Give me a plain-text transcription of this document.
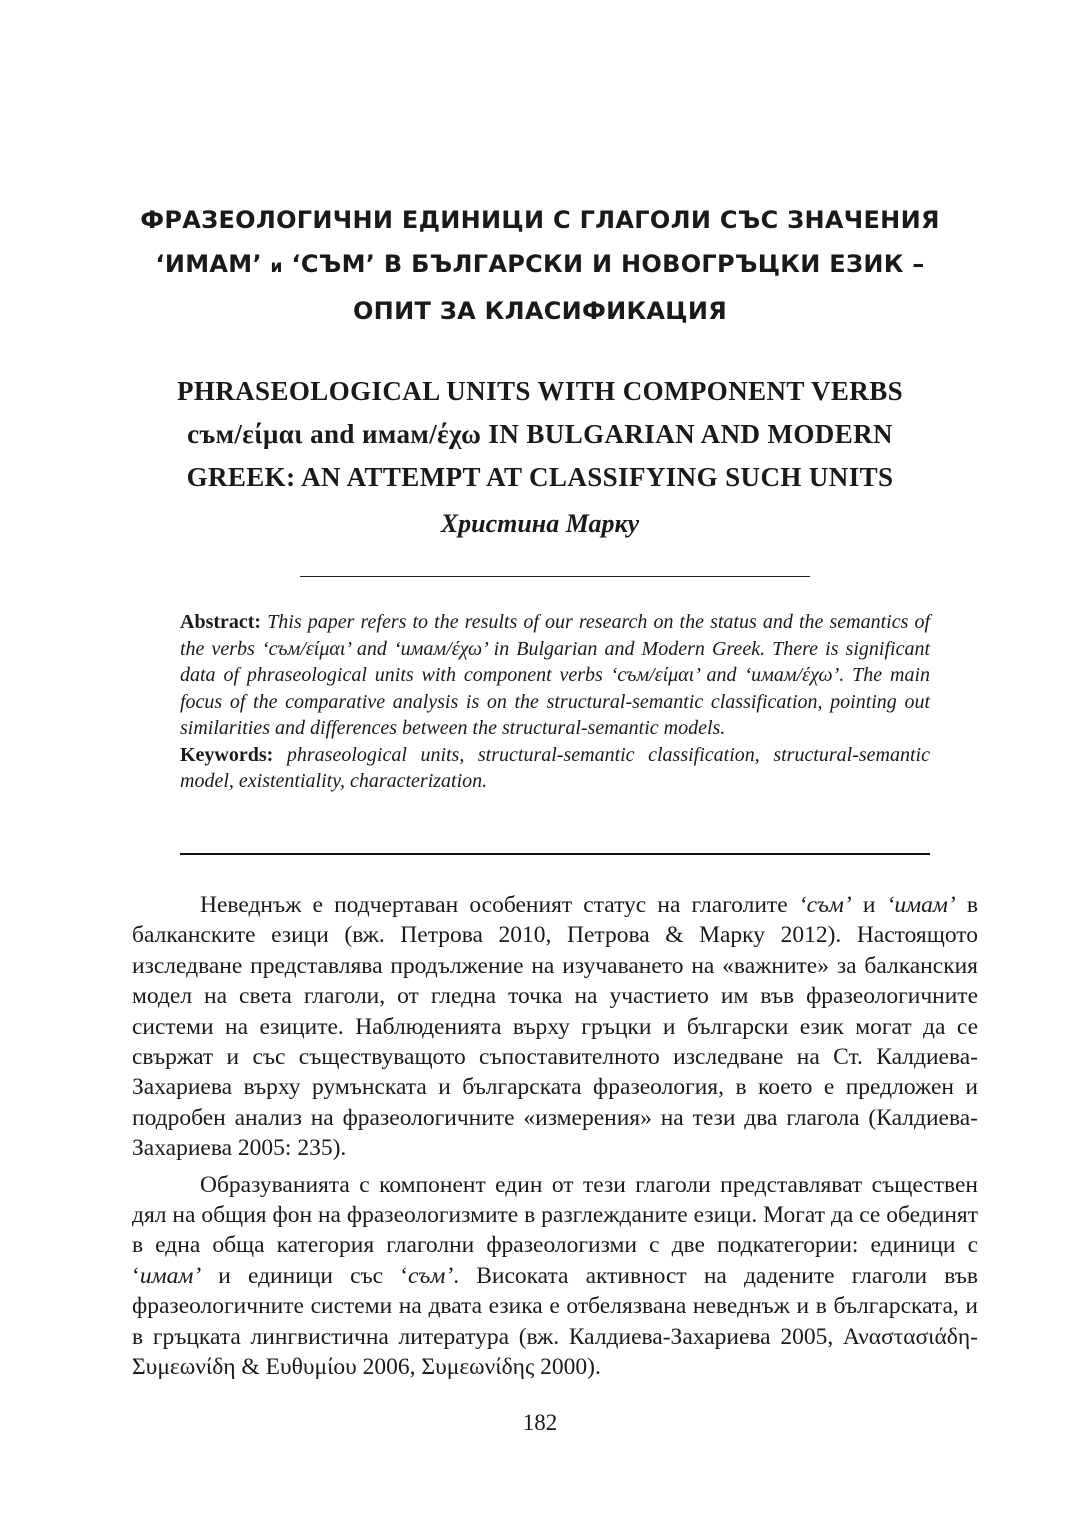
ФРАЗЕОЛОГИЧНИ ЕДИНИЦИ С ГЛАГОЛИ СЪС ЗНАЧЕНИЯ
‘ИМАМ’ и ‘СЪМ’ В БЪЛГАРСКИ И НОВОГРЪЦКИ ЕЗИК –
ОПИТ ЗА КЛАСИФИКАЦИЯ
PHRASEOLOGICAL UNITS WITH COMPONENT VERBS
съм/είμαι and имам/έχω IN BULGARIAN AND MODERN
GREEK: AN ATTEMPT AT CLASSIFYING SUCH UNITS
Христина Марку

Abstract: This paper refers to the results of our research on the status and the semantics of the verbs ‘съм/είμαι’ and ‘имам/έχω’ in Bulgarian and Modern Greek. There is significant data of phraseological units with component verbs ‘съм/είμαι’ and ‘имам/έχω’. The main focus of the comparative analysis is on the structural-semantic classification, pointing out similarities and differences between the structural-semantic models.

Keywords: phraseological units, structural-semantic classification, structural-semantic model, existentiality, characterization.

Неведнъж е подчертаван особеният статус на глаголите ‘съм’ и ‘имам’ в балканските езици (вж. Петрова 2010, Петрова & Марку 2012). Настоящото изследване представлява продължение на изучаването на «важните» за балканския модел на света глаголи, от гледна точка на участието им във фразеологичните системи на езиците. Наблюденията върху гръцки и български език могат да се свържат и със съществуващото съпоставителното изследване на Ст. Калдиева-Захариева върху румънската и българската фразеология, в което е предложен и подробен анализ на фразеологичните «измерения» на тези два глагола (Калдиева-Захариева 2005: 235).

Образуванията с компонент един от тези глаголи представляват съществен дял на общия фон на фразеологизмите в разглежданите езици. Могат да се обединят в една обща категория глаголни фразеологизми с две подкатегории: единици с ‘имам’ и единици със ‘съм’. Високата активност на дадените глаголи във фразеологичните системи на двата езика е отбелязвана неведнъж и в българската, и в гръцката лингвистична литература (вж. Калдиева-Захариева 2005, Αναστασιάδη-Συμεωνίδη & Ευθυμίου 2006, Συμεωνίδης 2000).

182
